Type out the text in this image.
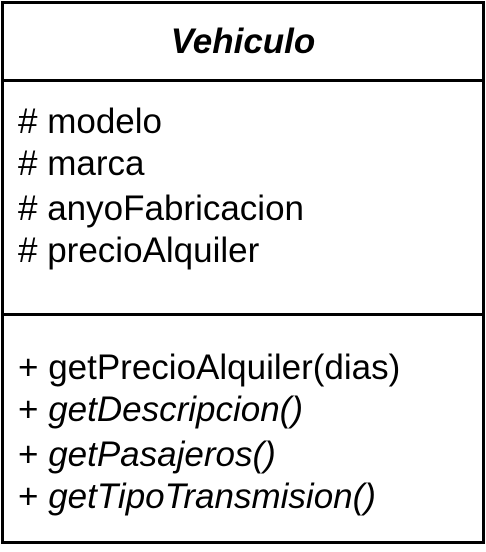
Vehiculo
# modelo
# marca
# anyoFabricacion
# precioAlquiler
+ getPrecioAlquiler(dias)
+ getDescripcion()
+ getPasajeros()
+ getTipoTransmision()
